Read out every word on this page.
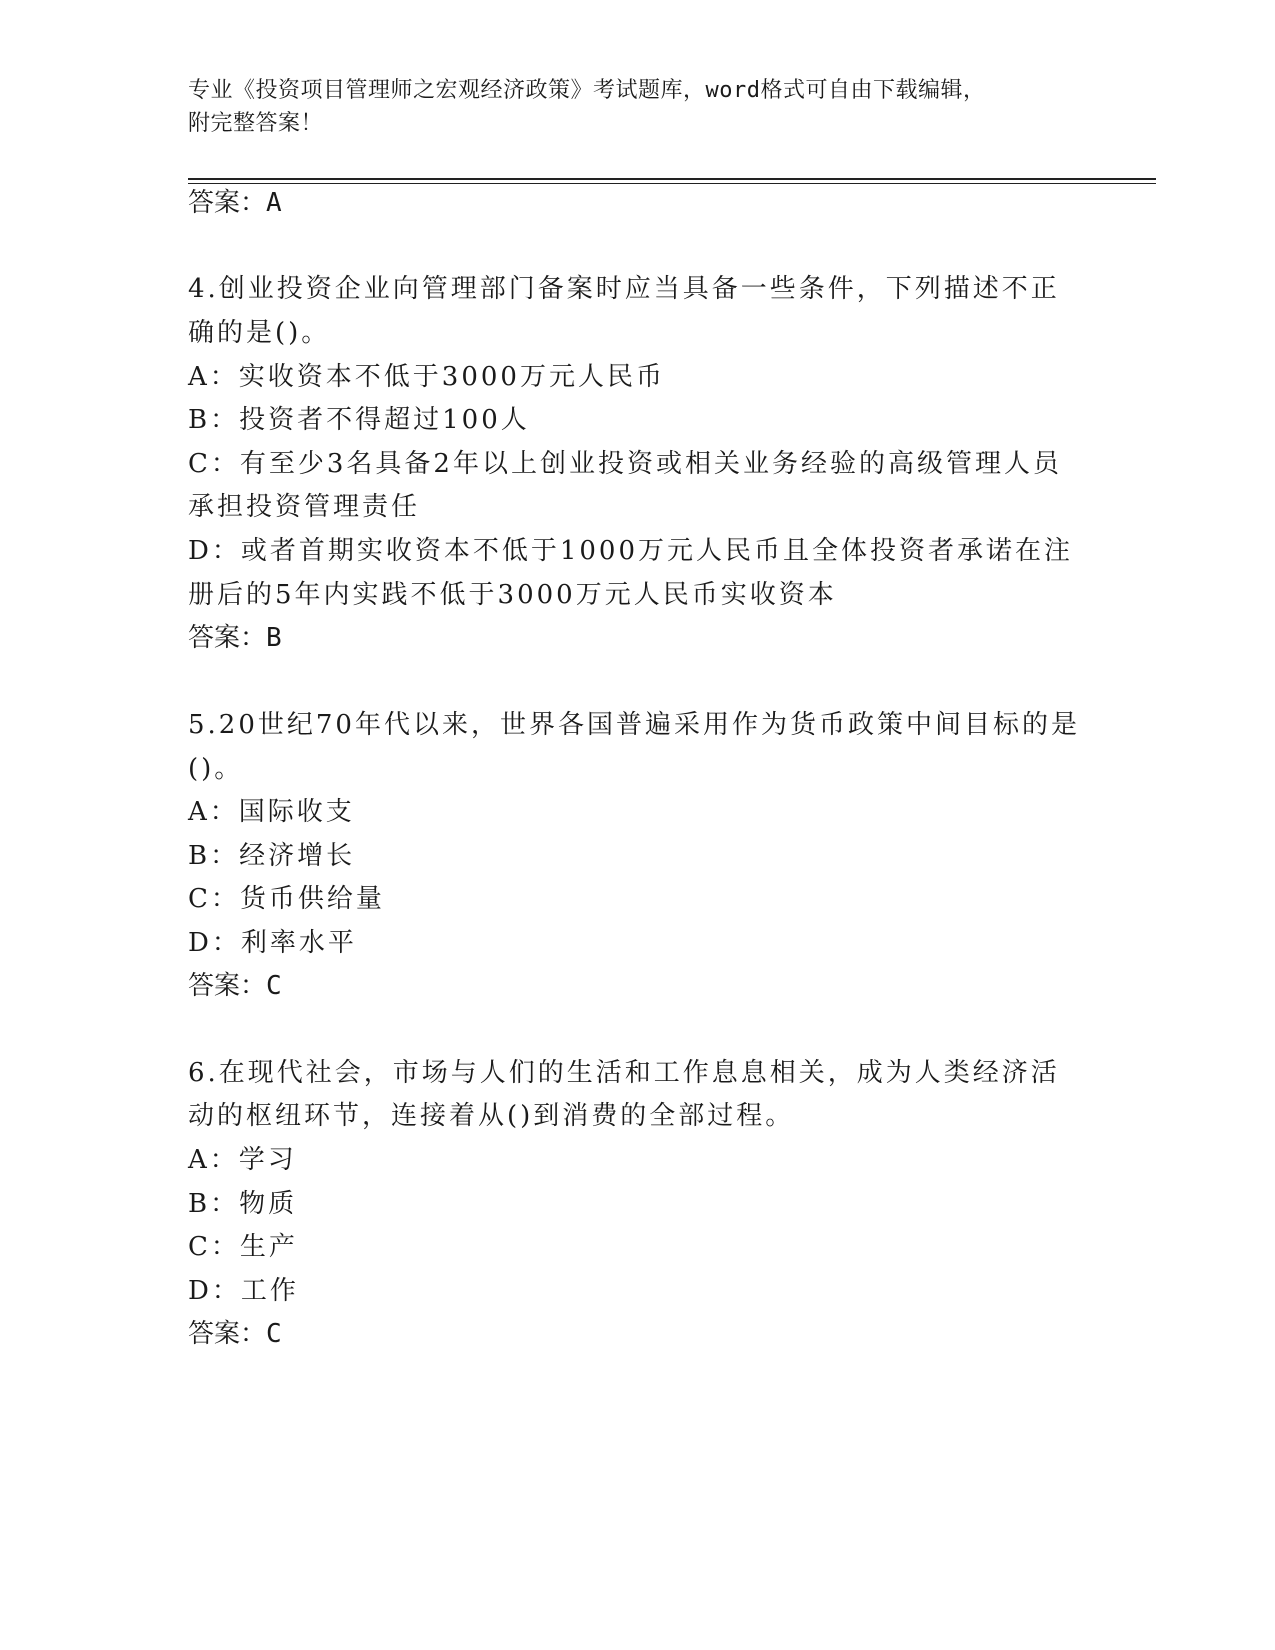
专业《投资项目管理师之宏观经济政策》考试题库，word格式可自由下载编辑，
附完整答案！
答案：A
4.创业投资企业向管理部门备案时应当具备一些条件，下列描述不正
确的是()。
A：实收资本不低于3000万元人民币
B：投资者不得超过100人
C：有至少3名具备2年以上创业投资或相关业务经验的高级管理人员
承担投资管理责任
D：或者首期实收资本不低于1000万元人民币且全体投资者承诺在注
册后的5年内实践不低于3000万元人民币实收资本
答案：B
5.20世纪70年代以来，世界各国普遍采用作为货币政策中间目标的是
()。
A：国际收支
B：经济增长
C：货币供给量
D：利率水平
答案：C
6.在现代社会，市场与人们的生活和工作息息相关，成为人类经济活
动的枢纽环节，连接着从()到消费的全部过程。
A：学习
B：物质
C：生产
D：工作
答案：C
